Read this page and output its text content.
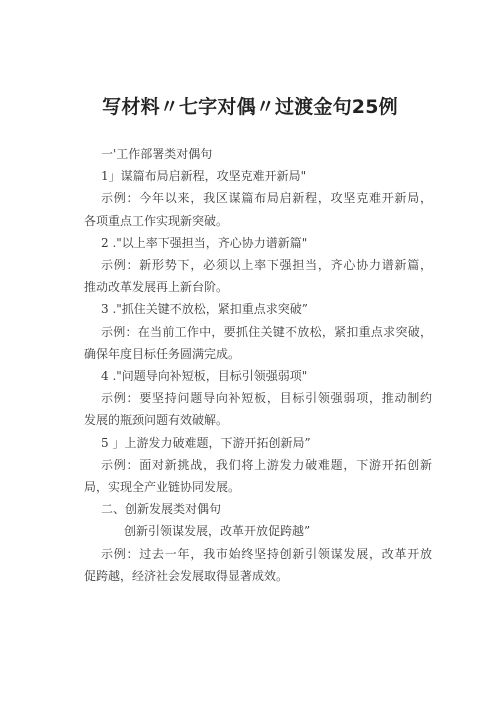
写材料〃七字对偶〃过渡金句25例
一'工作部署类对偶句
1」谋篇布局启新程，攻坚克难开新局"
示例：今年以来，我区谋篇布局启新程，攻坚克难开新局，
各项重点工作实现新突破。
2 ."以上率下强担当，齐心协力谱新篇"
示例：新形势下，必须以上率下强担当，齐心协力谱新篇，
推动改革发展再上新台阶。
3 ."抓住关键不放松，紧扣重点求突破”
示例：在当前工作中，要抓住关键不放松，紧扣重点求突破，
确保年度目标任务圆满完成。
4 ."问题导向补短板，目标引领强弱项"
示例：要坚持问题导向补短板，目标引领强弱项，推动制约
发展的瓶颈问题有效破解。
5 」上游发力破难题，下游开拓创新局”
示例：面对新挑战，我们将上游发力破难题，下游开拓创新
局，实现全产业链协同发展。
二、创新发展类对偶句
创新引领谋发展，改革开放促跨越”
示例：过去一年，我市始终坚持创新引领谋发展，改革开放
促跨越，经济社会发展取得显著成效。
